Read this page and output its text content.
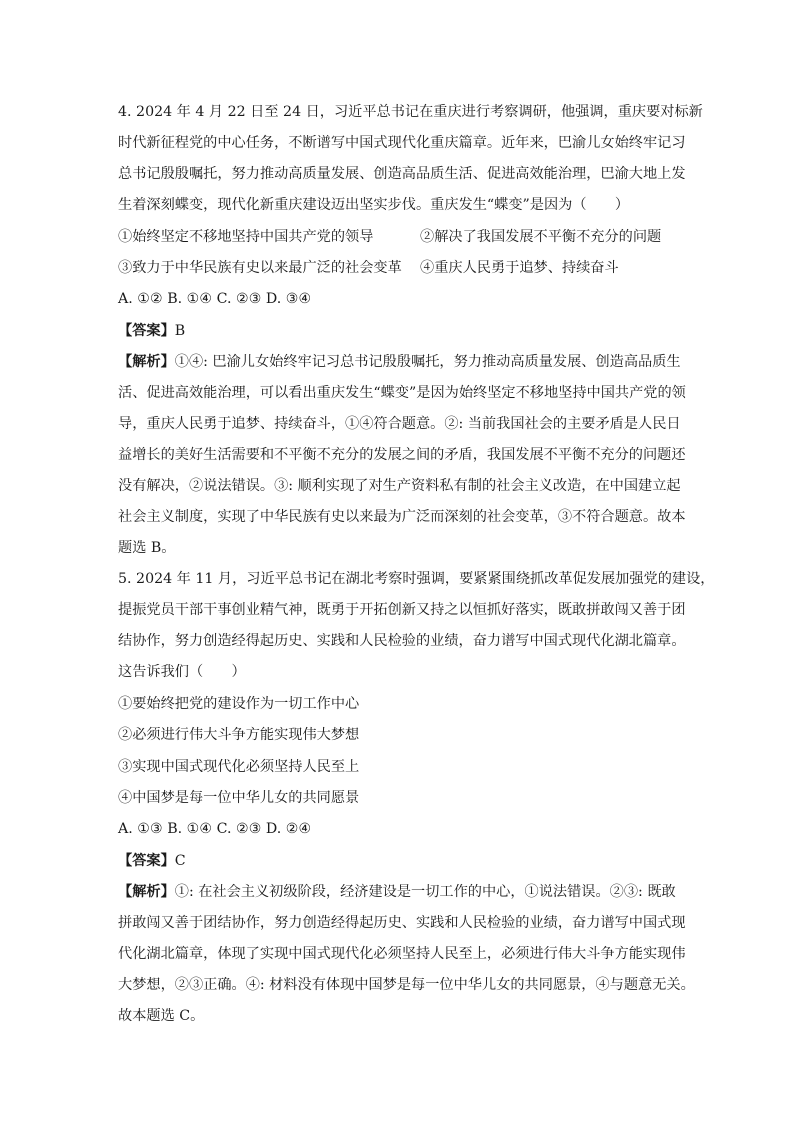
4. 2024 年 4 月 22 日至 24 日，习近平总书记在重庆进行考察调研，他强调，重庆要对标新
时代新征程党的中心任务，不断谱写中国式现代化重庆篇章。近年来，巴渝儿女始终牢记习
总书记殷殷嘱托，努力推动高质量发展、创造高品质生活、促进高效能治理，巴渝大地上发
生着深刻蝶变，现代化新重庆建设迈出坚实步伐。重庆发生“蝶变”是因为（　　）
①始终坚定不移地坚持中国共产党的领导	②解决了我国发展不平衡不充分的问题
③致力于中华民族有史以来最广泛的社会变革 ④重庆人民勇于追梦、持续奋斗
A. ①② B. ①④ C. ②③ D. ③④
【答案】B
【解析】①④: 巴渝儿女始终牢记习总书记殷殷嘱托，努力推动高质量发展、创造高品质生
活、促进高效能治理，可以看出重庆发生“蝶变”是因为始终坚定不移地坚持中国共产党的领
导，重庆人民勇于追梦、持续奋斗，①④符合题意。②: 当前我国社会的主要矛盾是人民日
益增长的美好生活需要和不平衡不充分的发展之间的矛盾，我国发展不平衡不充分的问题还
没有解决，②说法错误。③: 顺利实现了对生产资料私有制的社会主义改造，在中国建立起
社会主义制度，实现了中华民族有史以来最为广泛而深刻的社会变革，③不符合题意。故本
题选 B。
5. 2024 年 11 月，习近平总书记在湖北考察时强调，要紧紧围绕抓改革促发展加强党的建设，
提振党员干部干事创业精气神，既勇于开拓创新又持之以恒抓好落实，既敢拼敢闯又善于团
结协作，努力创造经得起历史、实践和人民检验的业绩，奋力谱写中国式现代化湖北篇章。
这告诉我们（　　）
①要始终把党的建设作为一切工作中心
②必须进行伟大斗争方能实现伟大梦想
③实现中国式现代化必须坚持人民至上
④中国梦是每一位中华儿女的共同愿景
A. ①③ B. ①④ C. ②③ D. ②④
【答案】C
【解析】①: 在社会主义初级阶段，经济建设是一切工作的中心，①说法错误。②③: 既敢
拼敢闯又善于团结协作，努力创造经得起历史、实践和人民检验的业绩，奋力谱写中国式现
代化湖北篇章，体现了实现中国式现代化必须坚持人民至上，必须进行伟大斗争方能实现伟
大梦想，②③正确。④: 材料没有体现中国梦是每一位中华儿女的共同愿景，④与题意无关。
故本题选 C。
